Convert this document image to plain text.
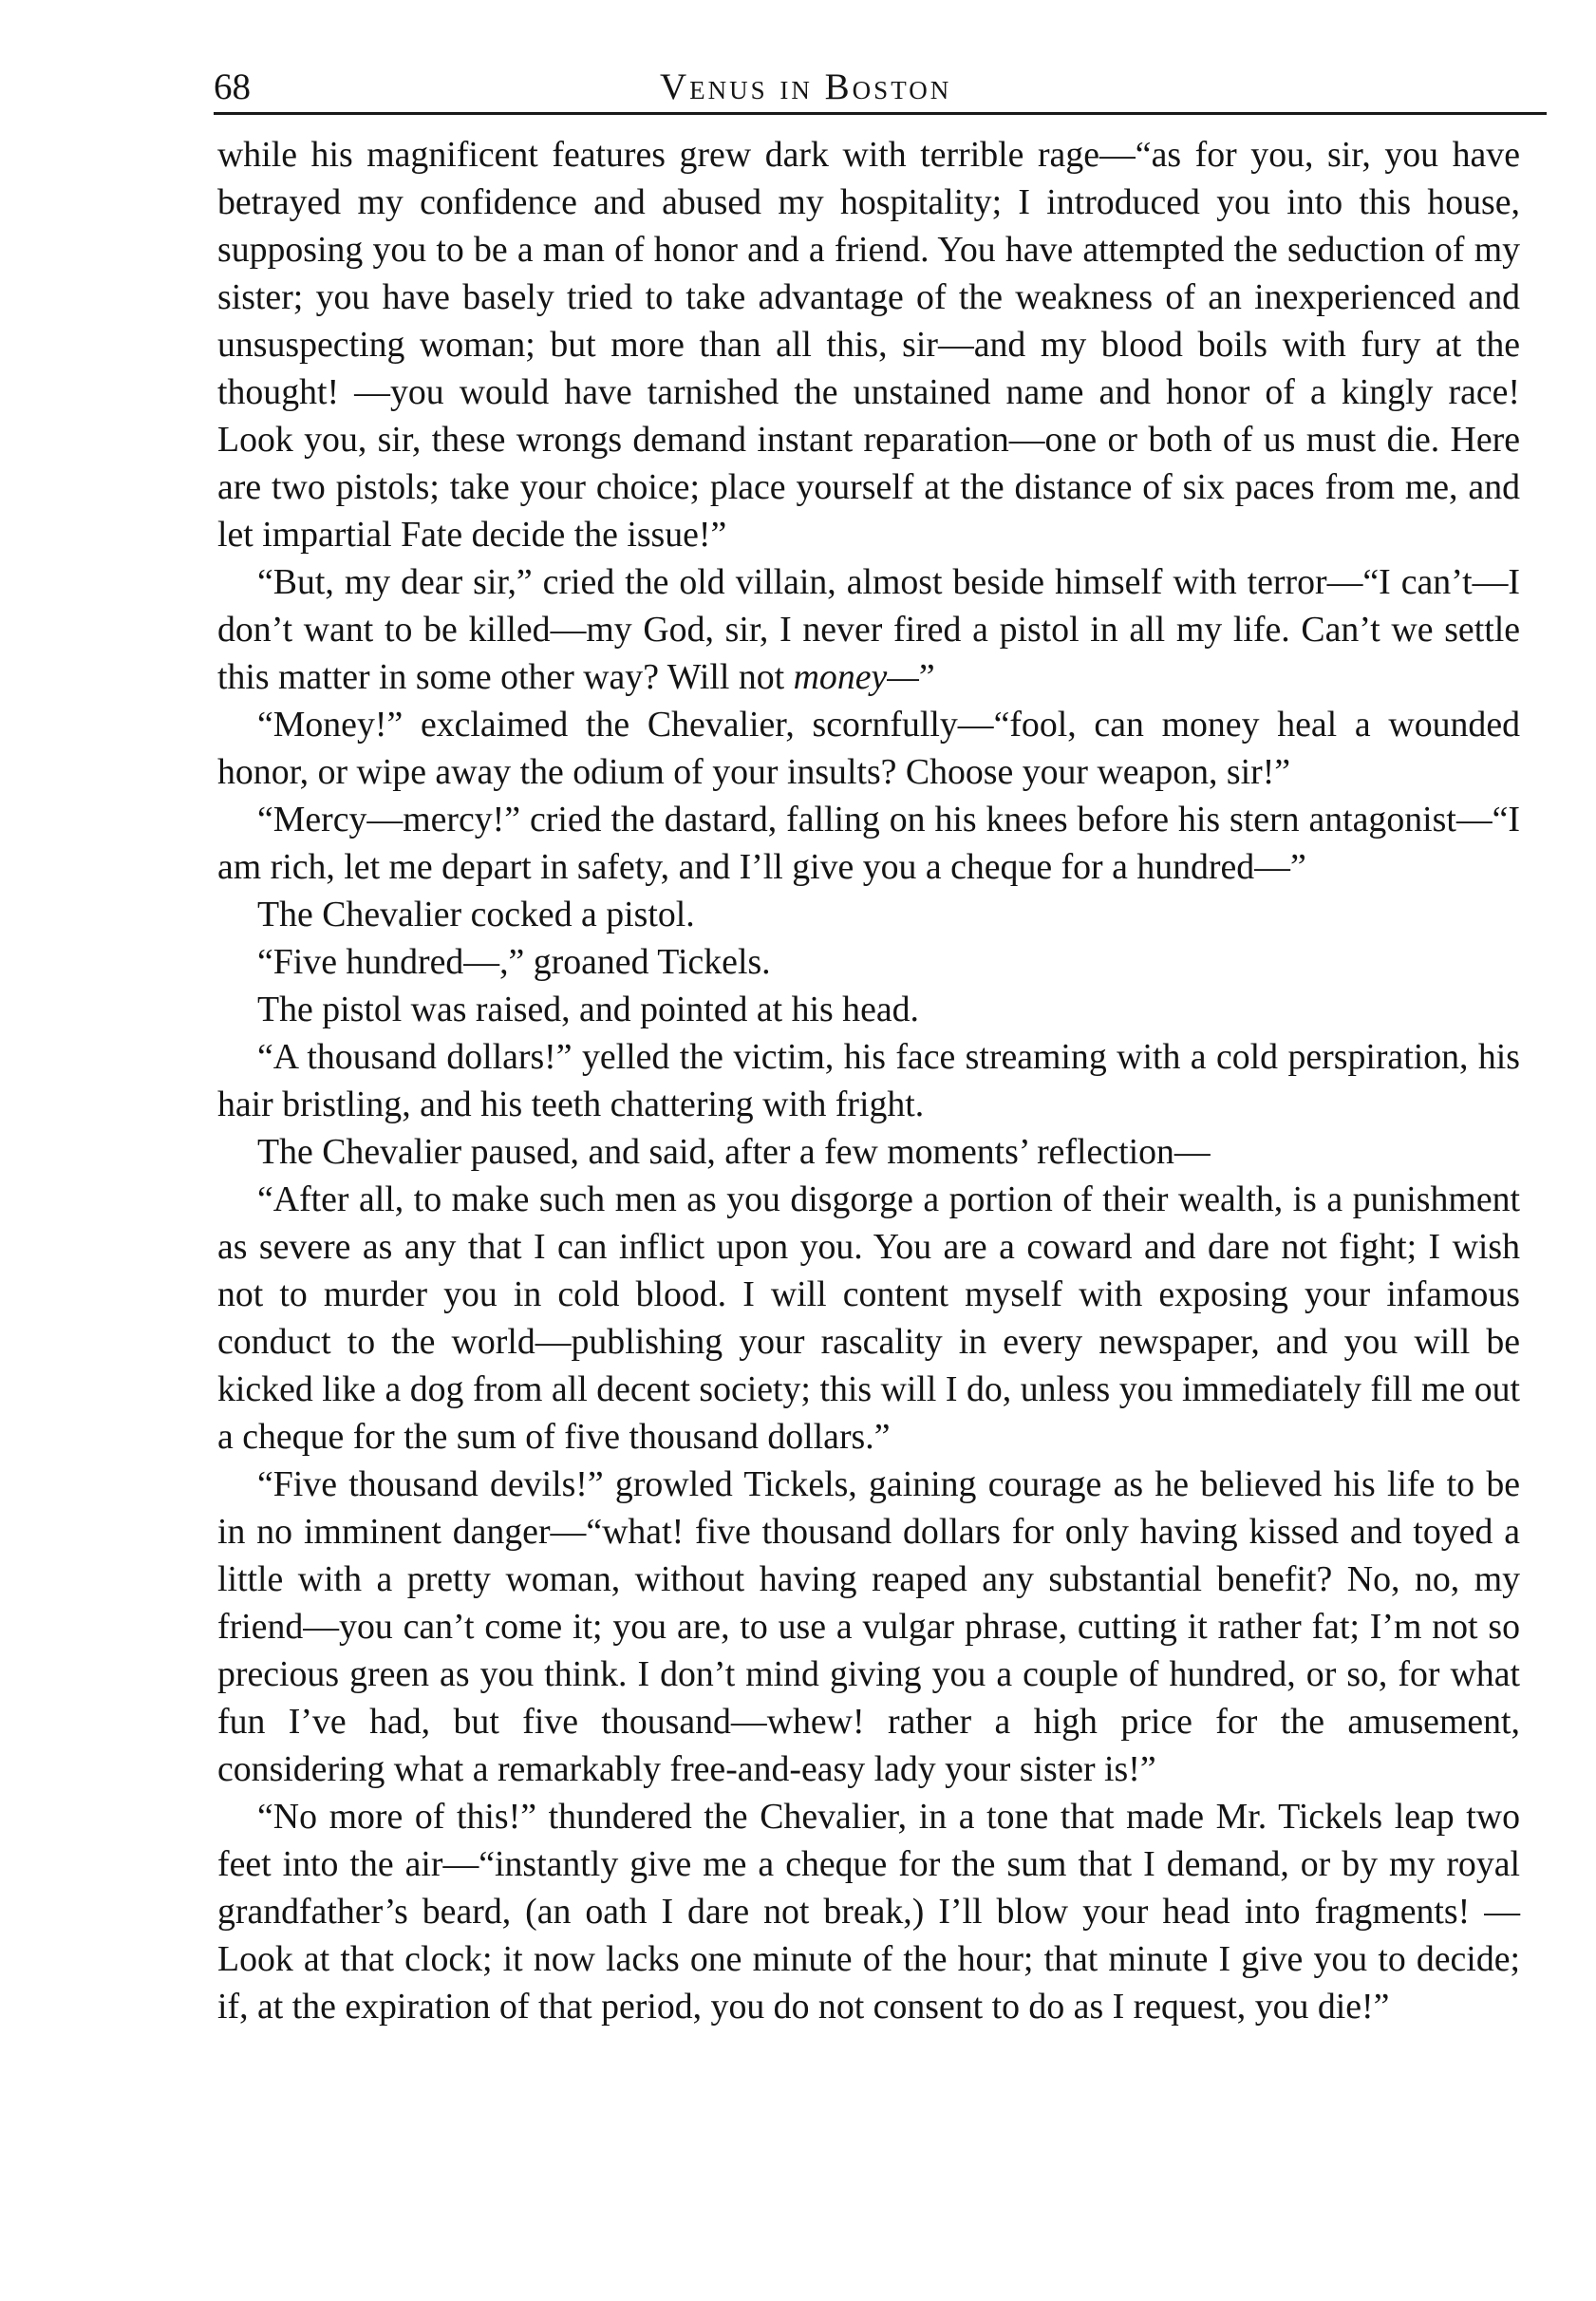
68	Venus in Boston

while his magnificent features grew dark with terrible rage—“as for you, sir, you have betrayed my confidence and abused my hospitality; I introduced you into this house, supposing you to be a man of honor and a friend. You have attempted the seduction of my sister; you have basely tried to take advantage of the weakness of an inexperienced and unsuspecting woman; but more than all this, sir—and my blood boils with fury at the thought! —you would have tarnished the unstained name and honor of a kingly race! Look you, sir, these wrongs demand instant reparation—one or both of us must die. Here are two pistols; take your choice; place yourself at the distance of six paces from me, and let impartial Fate decide the issue!”

“But, my dear sir,” cried the old villain, almost beside himself with terror—“I can’t—I don’t want to be killed—my God, sir, I never fired a pistol in all my life. Can’t we settle this matter in some other way? Will not money—”

“Money!” exclaimed the Chevalier, scornfully—“fool, can money heal a wounded honor, or wipe away the odium of your insults? Choose your weapon, sir!”

“Mercy—mercy!” cried the dastard, falling on his knees before his stern antagonist—“I am rich, let me depart in safety, and I’ll give you a cheque for a hundred—”

The Chevalier cocked a pistol.

“Five hundred—,” groaned Tickels.

The pistol was raised, and pointed at his head.

“A thousand dollars!” yelled the victim, his face streaming with a cold perspiration, his hair bristling, and his teeth chattering with fright.

The Chevalier paused, and said, after a few moments’ reflection—

“After all, to make such men as you disgorge a portion of their wealth, is a punishment as severe as any that I can inflict upon you. You are a coward and dare not fight; I wish not to murder you in cold blood. I will content myself with exposing your infamous conduct to the world—publishing your rascality in every newspaper, and you will be kicked like a dog from all decent society; this will I do, unless you immediately fill me out a cheque for the sum of five thousand dollars.”

“Five thousand devils!” growled Tickels, gaining courage as he believed his life to be in no imminent danger—“what! five thousand dollars for only having kissed and toyed a little with a pretty woman, without having reaped any substantial benefit? No, no, my friend—you can’t come it; you are, to use a vulgar phrase, cutting it rather fat; I’m not so precious green as you think. I don’t mind giving you a couple of hundred, or so, for what fun I’ve had, but five thousand—whew! rather a high price for the amusement, considering what a remarkably free-and-easy lady your sister is!”

“No more of this!” thundered the Chevalier, in a tone that made Mr. Tickels leap two feet into the air—“instantly give me a cheque for the sum that I demand, or by my royal grandfather’s beard, (an oath I dare not break,) I’ll blow your head into fragments! —Look at that clock; it now lacks one minute of the hour; that minute I give you to decide; if, at the expiration of that period, you do not consent to do as I request, you die!”
